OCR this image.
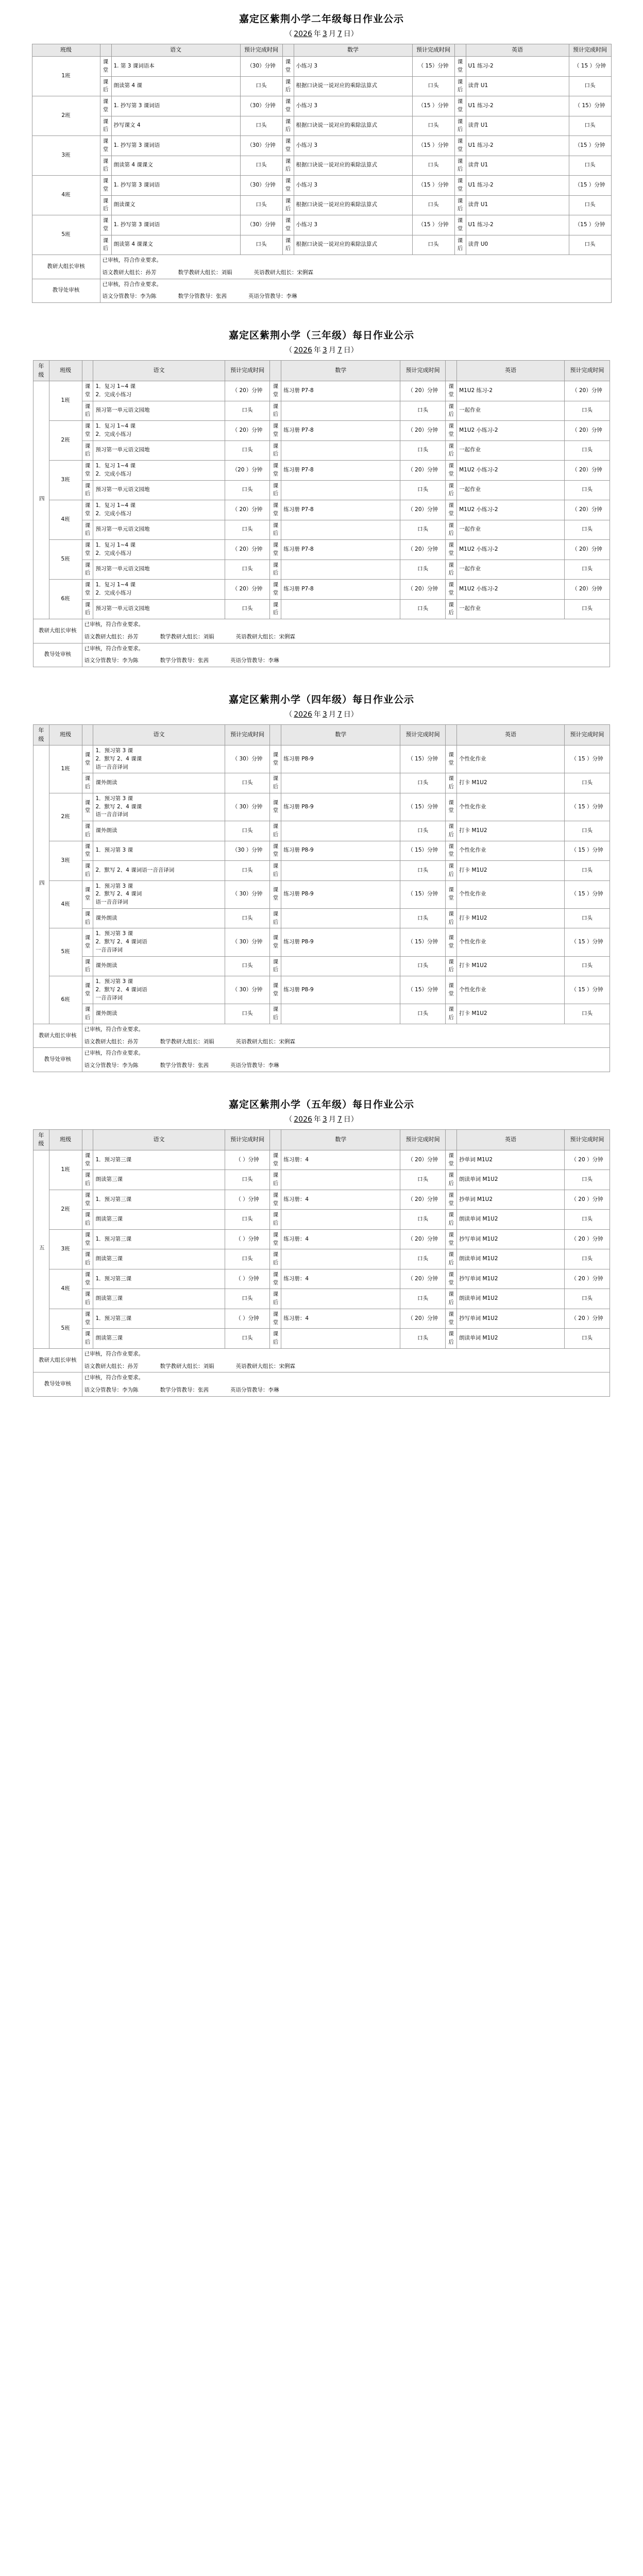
嘉定区紫荆小学二年级每日作业公示
（ 2026 年 3 月 7 日）
班级		语文	预计完成时间		数学	预计完成时间		英语	预计完成时间
1班	课堂	1. 第 3 课词语本	（30）分钟	课堂	小练习 3	（ 15）分钟	课堂	U1 练习-2	（ 15 ）分钟
	课后	朗读第 4 课	口头	课后	根据口诀说一说对应的乘除法算式	口头	课后	读背 U1	口头
2班	课堂	1. 抄写第 3 课词语	（30）分钟	课堂	小练习 3	（15 ）分钟	课堂	U1 练习-2	（ 15）分钟
	课后	抄写课文 4	口头	课后	根据口诀说一说对应的乘除法算式	口头	课后	读背 U1	口头
3班	课堂	1. 抄写第 3 课词语	（30）分钟	课堂	小练习 3	（15 ）分钟	课堂	U1 练习-2	（15 ）分钟
	课后	朗读第 4 课课文	口头	课后	根据口诀说一说对应的乘除法算式	口头	课后	读背 U1	口头
4班	课堂	1. 抄写第 3 课词语	（30）分钟	课堂	小练习 3	（15 ）分钟	课堂	U1 练习-2	（15 ）分钟
	课后	朗读课文	口头	课后	根据口诀说一说对应的乘除法算式	口头	课后	读背 U1	口头
5班	课堂	1. 抄写第 3 课词语	（30）分钟	课堂	小练习 3	（15 ）分钟	课堂	U1 练习-2	（15 ）分钟
	课后	朗读第 4 课课文	口头	课后	根据口诀说一说对应的乘除法算式	口头	课后	读背 U0	口头
教研大组长审核	已审核，符合作业要求。
语文教研大组长：孙芳 数学教研大组长：刘娟 英语教研大组长：宋俐霖								
教导处审核	已审核，符合作业要求。
语文分管教导：李为陈 数学分管教导：张茜 英语分管教导：李琳								
嘉定区紫荆小学（三年级）每日作业公示
（ 2026 年 3 月 7 日）
年级	班级		语文	预计完成时间		数学	预计完成时间		英语	预计完成时间
四	1班	课堂	1．复习 1~4 课
2．完成小练习	（ 20）分钟	课堂	练习册 P7-8	（ 20）分钟	课堂	M1U2 练习-2	（ 20）分钟
		课后	预习第一单元语文园地	口头	课后		口头	课后	一起作业	口头
	2班	课堂	1．复习 1~4 课
2．完成小练习	（ 20）分钟	课堂	练习册 P7-8	（ 20）分钟	课堂	M1U2 小练习-2	（ 20）分钟
		课后	预习第一单元语文园地	口头	课后		口头	课后	一起作业	口头
	3班	课堂	1．复习 1~4 课
2．完成小练习	（20 ）分钟	课堂	练习册 P7-8	（ 20）分钟	课堂	M1U2 小练习-2	（ 20）分钟
		课后	预习第一单元语文园地	口头	课后		口头	课后	一起作业	口头
	4班	课堂	1．复习 1~4 课
2．完成小练习	（ 20）分钟	课堂	练习册 P7-8	（ 20）分钟	课堂	M1U2 小练习-2	（ 20）分钟
		课后	预习第一单元语文园地	口头	课后		口头	课后	一起作业	口头
	5班	课堂	1．复习 1~4 课
2．完成小练习	（ 20）分钟	课堂	练习册 P7-8	（ 20）分钟	课堂	M1U2 小练习-2	（ 20）分钟
		课后	预习第一单元语文园地	口头	课后		口头	课后	一起作业	口头
	6班	课堂	1．复习 1~4 课
2．完成小练习	（ 20）分钟	课堂	练习册 P7-8	（ 20）分钟	课堂	M1U2 小练习-2	（ 20）分钟
		课后	预习第一单元语文园地	口头	课后		口头	课后	一起作业	口头
教研大组长审核		已审核，符合作业要求。
语文教研大组长：孙芳 数学教研大组长：刘娟 英语教研大组长：宋俐霖								
教导处审核		已审核，符合作业要求。
语文分管教导：李为陈 数学分管教导：张茜 英语分管教导：李琳								
嘉定区紫荆小学（四年级）每日作业公示
（ 2026 年 3 月 7 日）
年级	班级		语文	预计完成时间		数学	预计完成时间		英语	预计完成时间
四	1班	课堂	1．预习第 3 课
2．默写 2、4 课课
语一音音译词	（ 30）分钟	课堂	练习册 P8-9	（ 15）分钟	课堂	个性化作业	（ 15 ）分钟
		课后	课外朗读	口头	课后		口头	课后	打卡 M1U2	口头
	2班	课堂	1．预习第 3 课
2．默写 2、4 课课
语一音音译词	（ 30）分钟	课堂	练习册 P8-9	（ 15）分钟	课堂	个性化作业	（ 15 ）分钟
		课后	课外朗读	口头	课后		口头	课后	打卡 M1U2	口头
	3班	课堂	1．预习第 3 课	（30 ）分钟	课堂	练习册 P8-9	（ 15）分钟	课堂	个性化作业	（ 15 ）分钟
		课后	2．默写 2、4 课词语一音音译词	口头	课后		口头	课后	打卡 M1U2	口头
	4班	课堂	1．预习第 3 课
2．默写 2、4 课词
语一音音译词	（ 30）分钟	课堂	练习册 P8-9	（ 15）分钟	课堂	个性化作业	（ 15 ）分钟
		课后	课外朗读	口头	课后		口头	课后	打卡 M1U2	口头
	5班	课堂	1．预习第 3 课
2．默写 2、4 课词语
一音音译词	（ 30）分钟	课堂	练习册 P8-9	（ 15）分钟	课堂	个性化作业	（ 15 ）分钟
		课后	课外朗读	口头	课后		口头	课后	打卡 M1U2	口头
	6班	课堂	1．预习第 3 课
2．默写 2、4 课词语
一音音译词	（ 30）分钟	课堂	练习册 P8-9	（ 15）分钟	课堂	个性化作业	（ 15 ）分钟
		课后	课外朗读	口头	课后		口头	课后	打卡 M1U2	口头
教研大组长审核		已审核，符合作业要求。
语文教研大组长：孙芳 数学教研大组长：刘娟 英语教研大组长：宋俐霖								
教导处审核		已审核，符合作业要求。
语文分管教导：李为陈 数学分管教导：张茜 英语分管教导：李琳								
嘉定区紫荆小学（五年级）每日作业公示
（ 2026 年 3 月 7 日）
年级	班级		语文	预计完成时间		数学	预计完成时间		英语	预计完成时间
五	1班	课堂	1．预习第三课	（ ）分钟	课堂	练习册：4	（ 20）分钟	课堂	抄单词 M1U2	（ 20 ）分钟
		课后	朗读第三课	口头	课后		口头	课后	朗读单词 M1U2	口头
	2班	课堂	1．预习第三课	（ ）分钟	课堂	练习册：4	（ 20）分钟	课堂	抄单词 M1U2	（ 20 ）分钟
		课后	朗读第三课	口头	课后		口头	课后	朗读单词 M1U2	口头
	3班	课堂	1．预习第三课	（ ）分钟	课堂	练习册：4	（ 20）分钟	课堂	抄写单词 M1U2	（ 20 ）分钟
		课后	朗读第三课	口头	课后		口头	课后	朗读单词 M1U2	口头
	4班	课堂	1．预习第三课	（ ）分钟	课堂	练习册：4	（ 20）分钟	课堂	抄写单词 M1U2	（ 20 ）分钟
		课后	朗读第三课	口头	课后		口头	课后	朗读单词 M1U2	口头
	5班	课堂	1．预习第三课	（ ）分钟	课堂	练习册：4	（ 20）分钟	课堂	抄写单词 M1U2	（ 20 ）分钟
		课后	朗读第三课	口头	课后		口头	课后	朗读单词 M1U2	口头
教研大组长审核		已审核，符合作业要求。
语文教研大组长：孙芳 数学教研大组长：刘娟 英语教研大组长：宋俐霖								
教导处审核		已审核，符合作业要求。
语文分管教导：李为陈 数学分管教导：张茜 英语分管教导：李琳								
